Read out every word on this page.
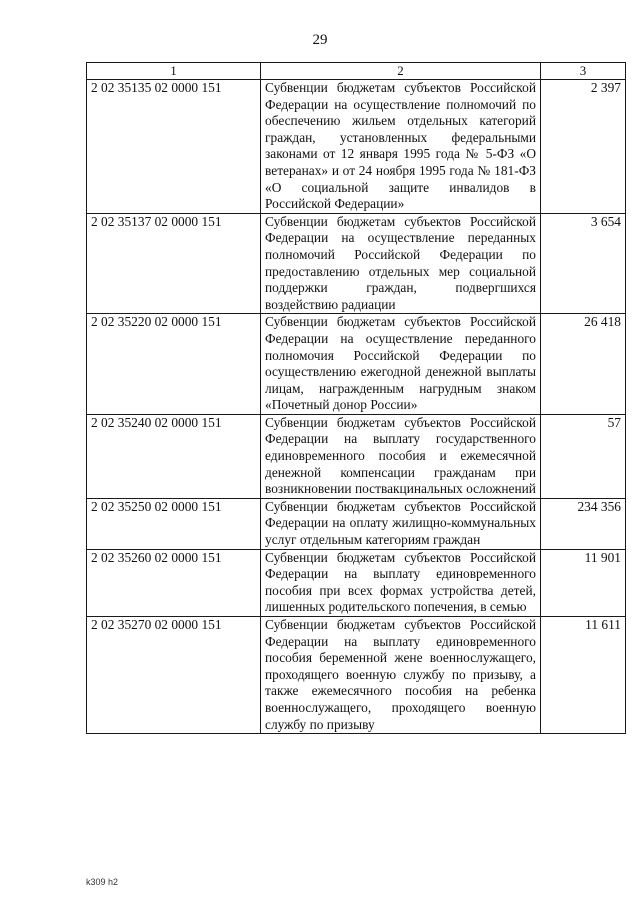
29
1	2	3
2 02 35135 02 0000 151	Субвенции бюджетам субъектов Российской Федерации на осуществление полномочий по обеспечению жильем отдельных категорий граждан, установленных федеральными законами от 12 января 1995 года № 5-ФЗ «О ветеранах» и от 24 ноября 1995 года № 181-ФЗ «О социальной защите инвалидов в Российской Федерации»	2 397
2 02 35137 02 0000 151	Субвенции бюджетам субъектов Российской Федерации на осуществление переданных полномочий Российской Федерации по предоставлению отдельных мер социальной поддержки граждан, подвергшихся воздействию радиации	3 654
2 02 35220 02 0000 151	Субвенции бюджетам субъектов Российской Федерации на осуществление переданного полномочия Российской Федерации по осуществлению ежегодной денежной выплаты лицам, награжденным нагрудным знаком «Почетный донор России»	26 418
2 02 35240 02 0000 151	Субвенции бюджетам субъектов Российской Федерации на выплату государственного единовременного пособия и ежемесячной денежной компенсации гражданам при возникновении поствакцинальных осложнений	57
2 02 35250 02 0000 151	Субвенции бюджетам субъектов Российской Федерации на оплату жилищно-коммунальных услуг отдельным категориям граждан	234 356
2 02 35260 02 0000 151	Субвенции бюджетам субъектов Российской Федерации на выплату единовременного пособия при всех формах устройства детей, лишенных родительского попечения, в семью	11 901
2 02 35270 02 0000 151	Субвенции бюджетам субъектов Российской Федерации на выплату единовременного пособия беременной жене военнослужащего, проходящего военную службу по призыву, а также ежемесячного пособия на ребенка военнослужащего, проходящего военную службу по призыву	11 611
k309 h2
